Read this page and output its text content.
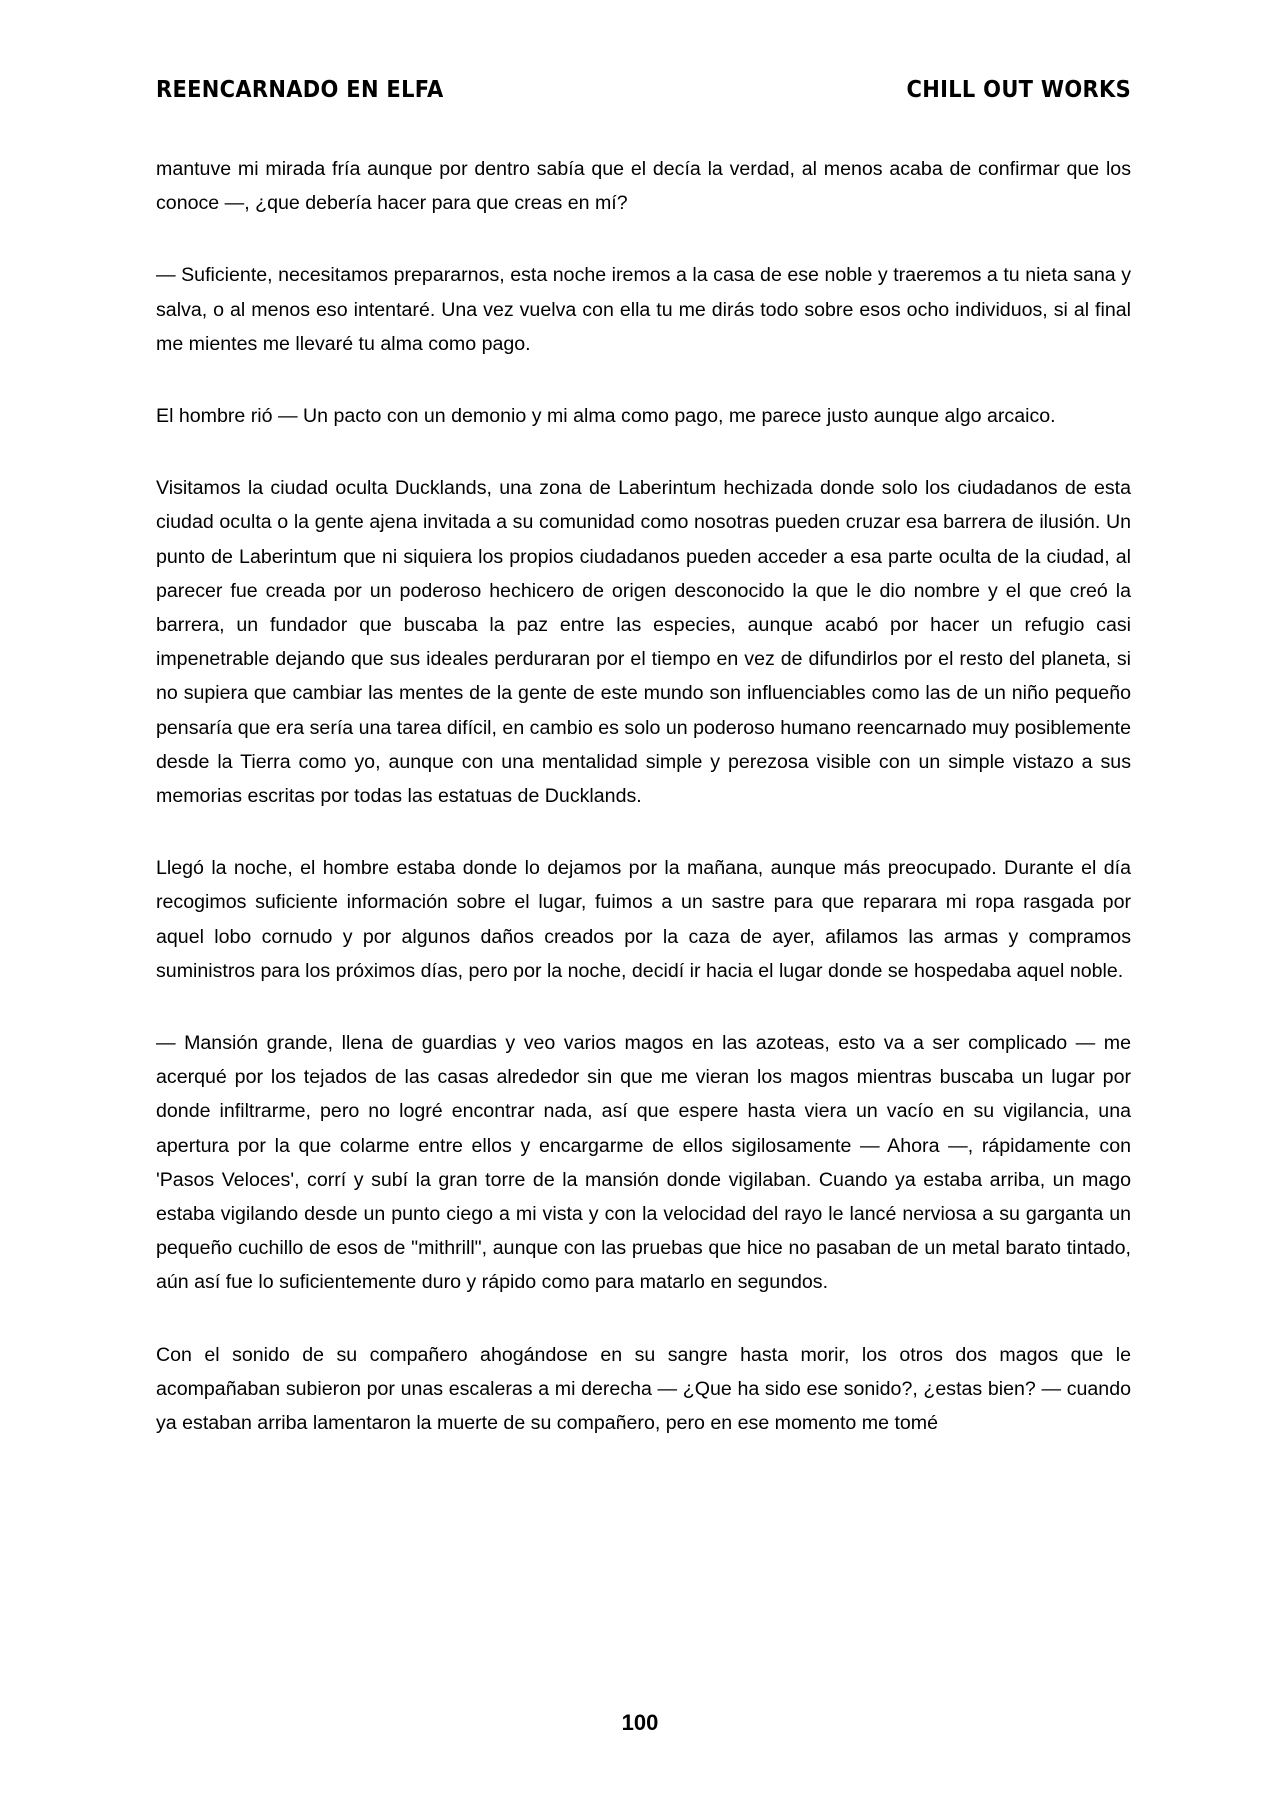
REENCARNADO EN ELFA	CHILL OUT WORKS

mantuve mi mirada fría aunque por dentro sabía que el decía la verdad, al menos acaba de confirmar que los conoce —, ¿que debería hacer para que creas en mí?

— Suficiente, necesitamos prepararnos, esta noche iremos a la casa de ese noble y traeremos a tu nieta sana y salva, o al menos eso intentaré. Una vez vuelva con ella tu me dirás todo sobre esos ocho individuos, si al final me mientes me llevaré tu alma como pago.

El hombre rió — Un pacto con un demonio y mi alma como pago, me parece justo aunque algo arcaico.

Visitamos la ciudad oculta Ducklands, una zona de Laberintum hechizada donde solo los ciudadanos de esta ciudad oculta o la gente ajena invitada a su comunidad como nosotras pueden cruzar esa barrera de ilusión. Un punto de Laberintum que ni siquiera los propios ciudadanos pueden acceder a esa parte oculta de la ciudad, al parecer fue creada por un poderoso hechicero de origen desconocido la que le dio nombre y el que creó la barrera, un fundador que buscaba la paz entre las especies, aunque acabó por hacer un refugio casi impenetrable dejando que sus ideales perduraran por el tiempo en vez de difundirlos por el resto del planeta, si no supiera que cambiar las mentes de la gente de este mundo son influenciables como las de un niño pequeño pensaría que era sería una tarea difícil, en cambio es solo un poderoso humano reencarnado muy posiblemente desde la Tierra como yo, aunque con una mentalidad simple y perezosa visible con un simple vistazo a sus memorias escritas por todas las estatuas de Ducklands.

Llegó la noche, el hombre estaba donde lo dejamos por la mañana, aunque más preocupado. Durante el día recogimos suficiente información sobre el lugar, fuimos a un sastre para que reparara mi ropa rasgada por aquel lobo cornudo y por algunos daños creados por la caza de ayer, afilamos las armas y compramos suministros para los próximos días, pero por la noche, decidí ir hacia el lugar donde se hospedaba aquel noble.

— Mansión grande, llena de guardias y veo varios magos en las azoteas, esto va a ser complicado — me acerqué por los tejados de las casas alrededor sin que me vieran los magos mientras buscaba un lugar por donde infiltrarme, pero no logré encontrar nada, así que espere hasta viera un vacío en su vigilancia, una apertura por la que colarme entre ellos y encargarme de ellos sigilosamente — Ahora —, rápidamente con 'Pasos Veloces', corrí y subí la gran torre de la mansión donde vigilaban. Cuando ya estaba arriba, un mago estaba vigilando desde un punto ciego a mi vista y con la velocidad del rayo le lancé nerviosa a su garganta un pequeño cuchillo de esos de "mithrill", aunque con las pruebas que hice no pasaban de un metal barato tintado, aún así fue lo suficientemente duro y rápido como para matarlo en segundos.

Con el sonido de su compañero ahogándose en su sangre hasta morir, los otros dos magos que le acompañaban subieron por unas escaleras a mi derecha — ¿Que ha sido ese sonido?, ¿estas bien? — cuando ya estaban arriba lamentaron la muerte de su compañero, pero en ese momento me tomé

100
